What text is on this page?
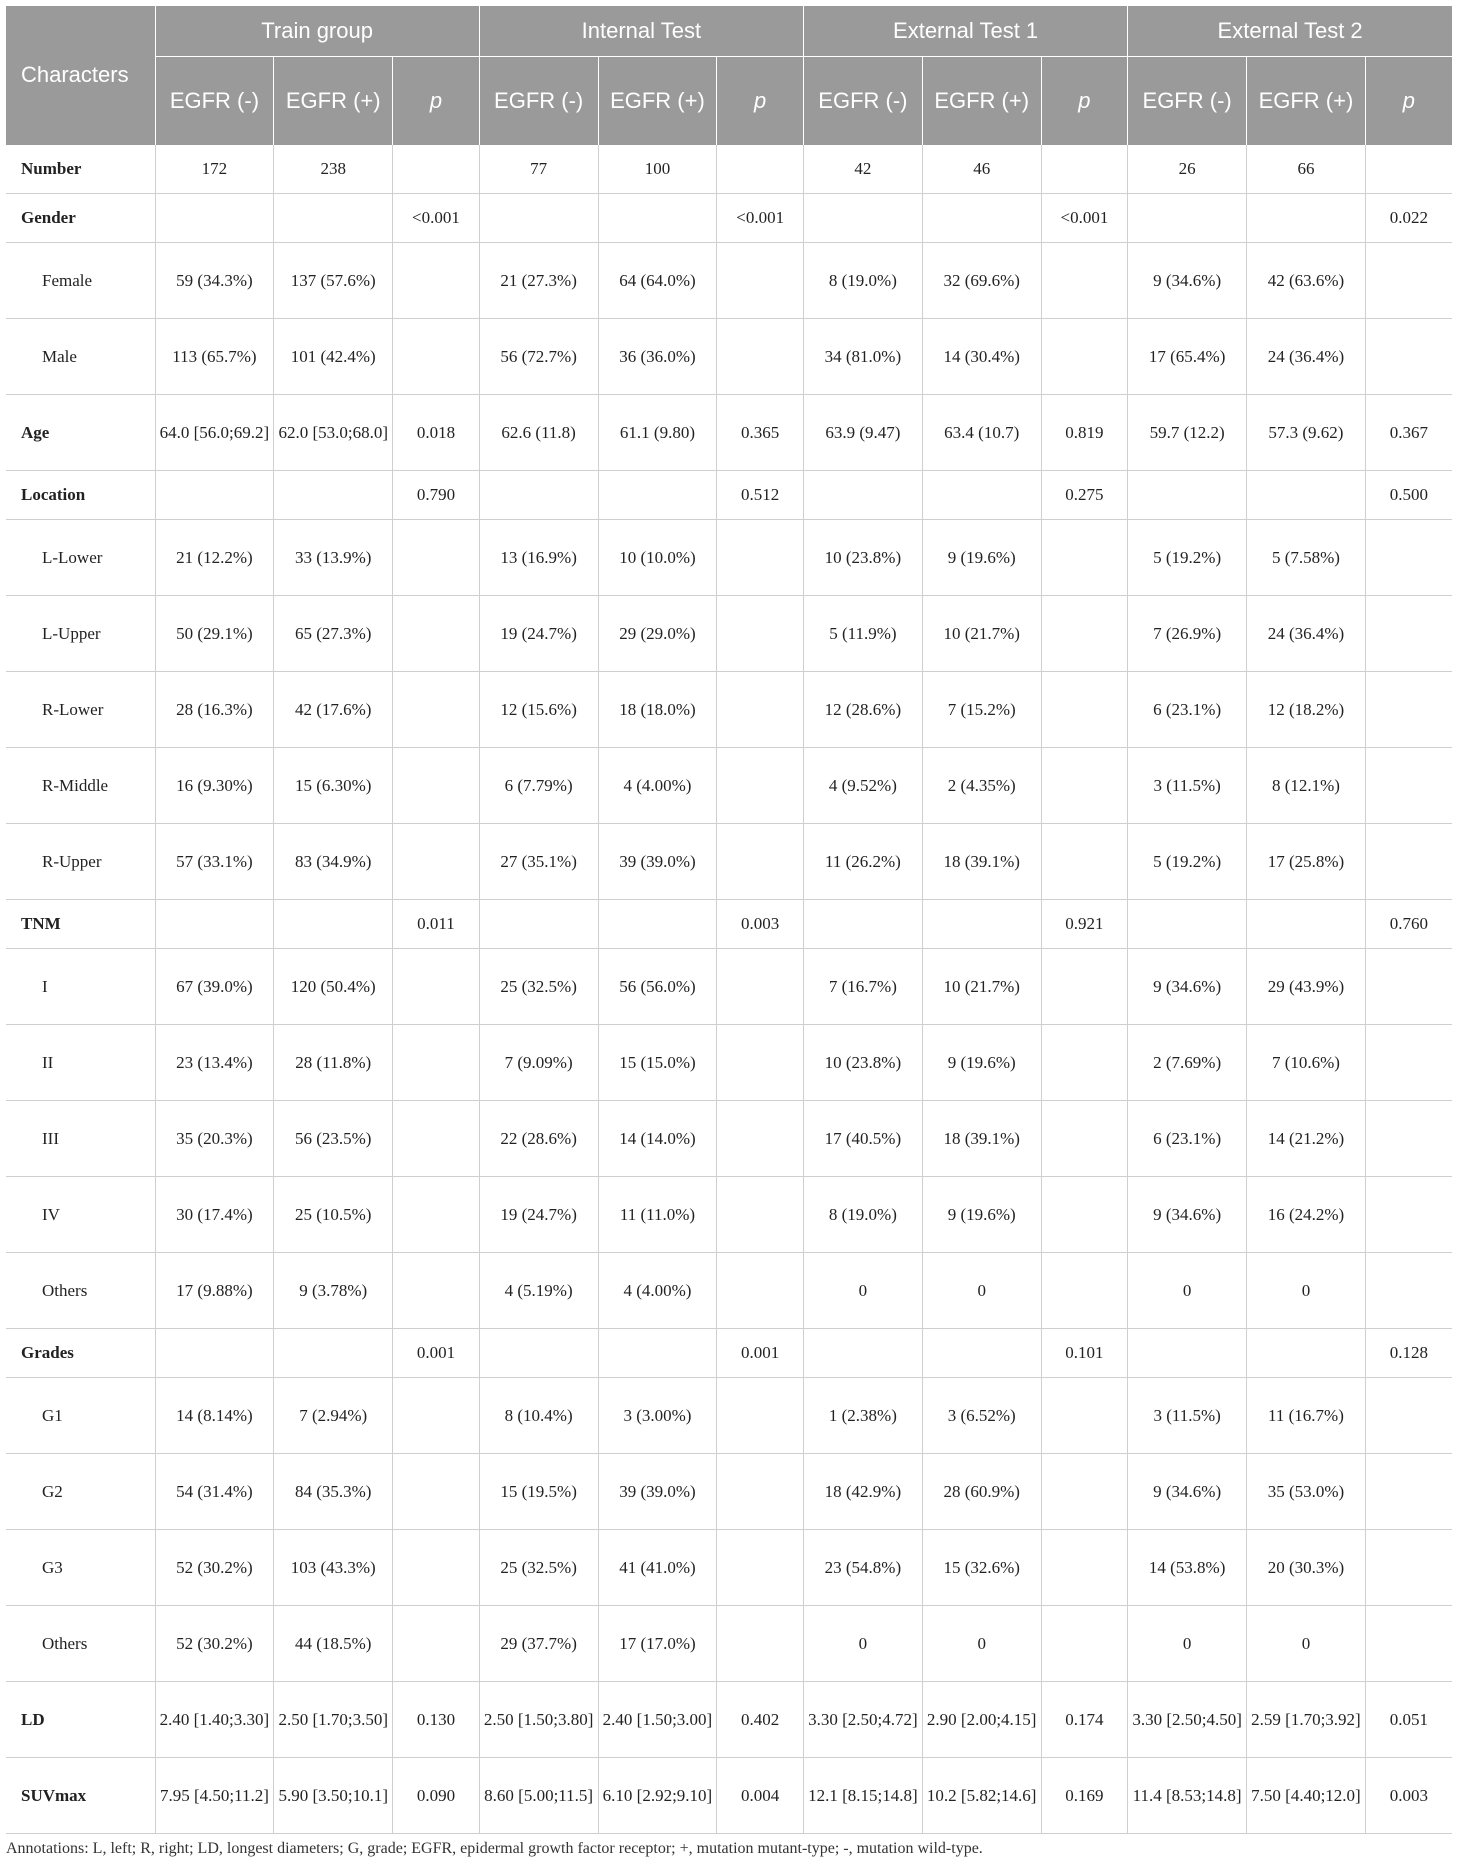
Characters	Train group			Internal Test			External Test 1			External Test 2		
	EGFR (-)	EGFR (+)	p	EGFR (-)	EGFR (+)	p	EGFR (-)	EGFR (+)	p	EGFR (-)	EGFR (+)	p
Number	172	238		77	100		42	46		26	66	
Gender			<0.001			<0.001			<0.001			0.022
Female	59 (34.3%)	137 (57.6%)		21 (27.3%)	64 (64.0%)		8 (19.0%)	32 (69.6%)		9 (34.6%)	42 (63.6%)	
Male	113 (65.7%)	101 (42.4%)		56 (72.7%)	36 (36.0%)		34 (81.0%)	14 (30.4%)		17 (65.4%)	24 (36.4%)	
Age	64.0 [56.0;69.2]	62.0 [53.0;68.0]	0.018	62.6 (11.8)	61.1 (9.80)	0.365	63.9 (9.47)	63.4 (10.7)	0.819	59.7 (12.2)	57.3 (9.62)	0.367
Location			0.790			0.512			0.275			0.500
L-Lower	21 (12.2%)	33 (13.9%)		13 (16.9%)	10 (10.0%)		10 (23.8%)	9 (19.6%)		5 (19.2%)	5 (7.58%)	
L-Upper	50 (29.1%)	65 (27.3%)		19 (24.7%)	29 (29.0%)		5 (11.9%)	10 (21.7%)		7 (26.9%)	24 (36.4%)	
R-Lower	28 (16.3%)	42 (17.6%)		12 (15.6%)	18 (18.0%)		12 (28.6%)	7 (15.2%)		6 (23.1%)	12 (18.2%)	
R-Middle	16 (9.30%)	15 (6.30%)		6 (7.79%)	4 (4.00%)		4 (9.52%)	2 (4.35%)		3 (11.5%)	8 (12.1%)	
R-Upper	57 (33.1%)	83 (34.9%)		27 (35.1%)	39 (39.0%)		11 (26.2%)	18 (39.1%)		5 (19.2%)	17 (25.8%)	
TNM			0.011			0.003			0.921			0.760
I	67 (39.0%)	120 (50.4%)		25 (32.5%)	56 (56.0%)		7 (16.7%)	10 (21.7%)		9 (34.6%)	29 (43.9%)	
II	23 (13.4%)	28 (11.8%)		7 (9.09%)	15 (15.0%)		10 (23.8%)	9 (19.6%)		2 (7.69%)	7 (10.6%)	
III	35 (20.3%)	56 (23.5%)		22 (28.6%)	14 (14.0%)		17 (40.5%)	18 (39.1%)		6 (23.1%)	14 (21.2%)	
IV	30 (17.4%)	25 (10.5%)		19 (24.7%)	11 (11.0%)		8 (19.0%)	9 (19.6%)		9 (34.6%)	16 (24.2%)	
Others	17 (9.88%)	9 (3.78%)		4 (5.19%)	4 (4.00%)		0	0		0	0	
Grades			0.001			0.001			0.101			0.128
G1	14 (8.14%)	7 (2.94%)		8 (10.4%)	3 (3.00%)		1 (2.38%)	3 (6.52%)		3 (11.5%)	11 (16.7%)	
G2	54 (31.4%)	84 (35.3%)		15 (19.5%)	39 (39.0%)		18 (42.9%)	28 (60.9%)		9 (34.6%)	35 (53.0%)	
G3	52 (30.2%)	103 (43.3%)		25 (32.5%)	41 (41.0%)		23 (54.8%)	15 (32.6%)		14 (53.8%)	20 (30.3%)	
Others	52 (30.2%)	44 (18.5%)		29 (37.7%)	17 (17.0%)		0	0		0	0	
LD	2.40 [1.40;3.30]	2.50 [1.70;3.50]	0.130	2.50 [1.50;3.80]	2.40 [1.50;3.00]	0.402	3.30 [2.50;4.72]	2.90 [2.00;4.15]	0.174	3.30 [2.50;4.50]	2.59 [1.70;3.92]	0.051
SUVmax	7.95 [4.50;11.2]	5.90 [3.50;10.1]	0.090	8.60 [5.00;11.5]	6.10 [2.92;9.10]	0.004	12.1 [8.15;14.8]	10.2 [5.82;14.6]	0.169	11.4 [8.53;14.8]	7.50 [4.40;12.0]	0.003
Annotations: L, left; R, right; LD, longest diameters; G, grade; EGFR, epidermal growth factor receptor; +, mutation mutant-type; -, mutation wild-type.
